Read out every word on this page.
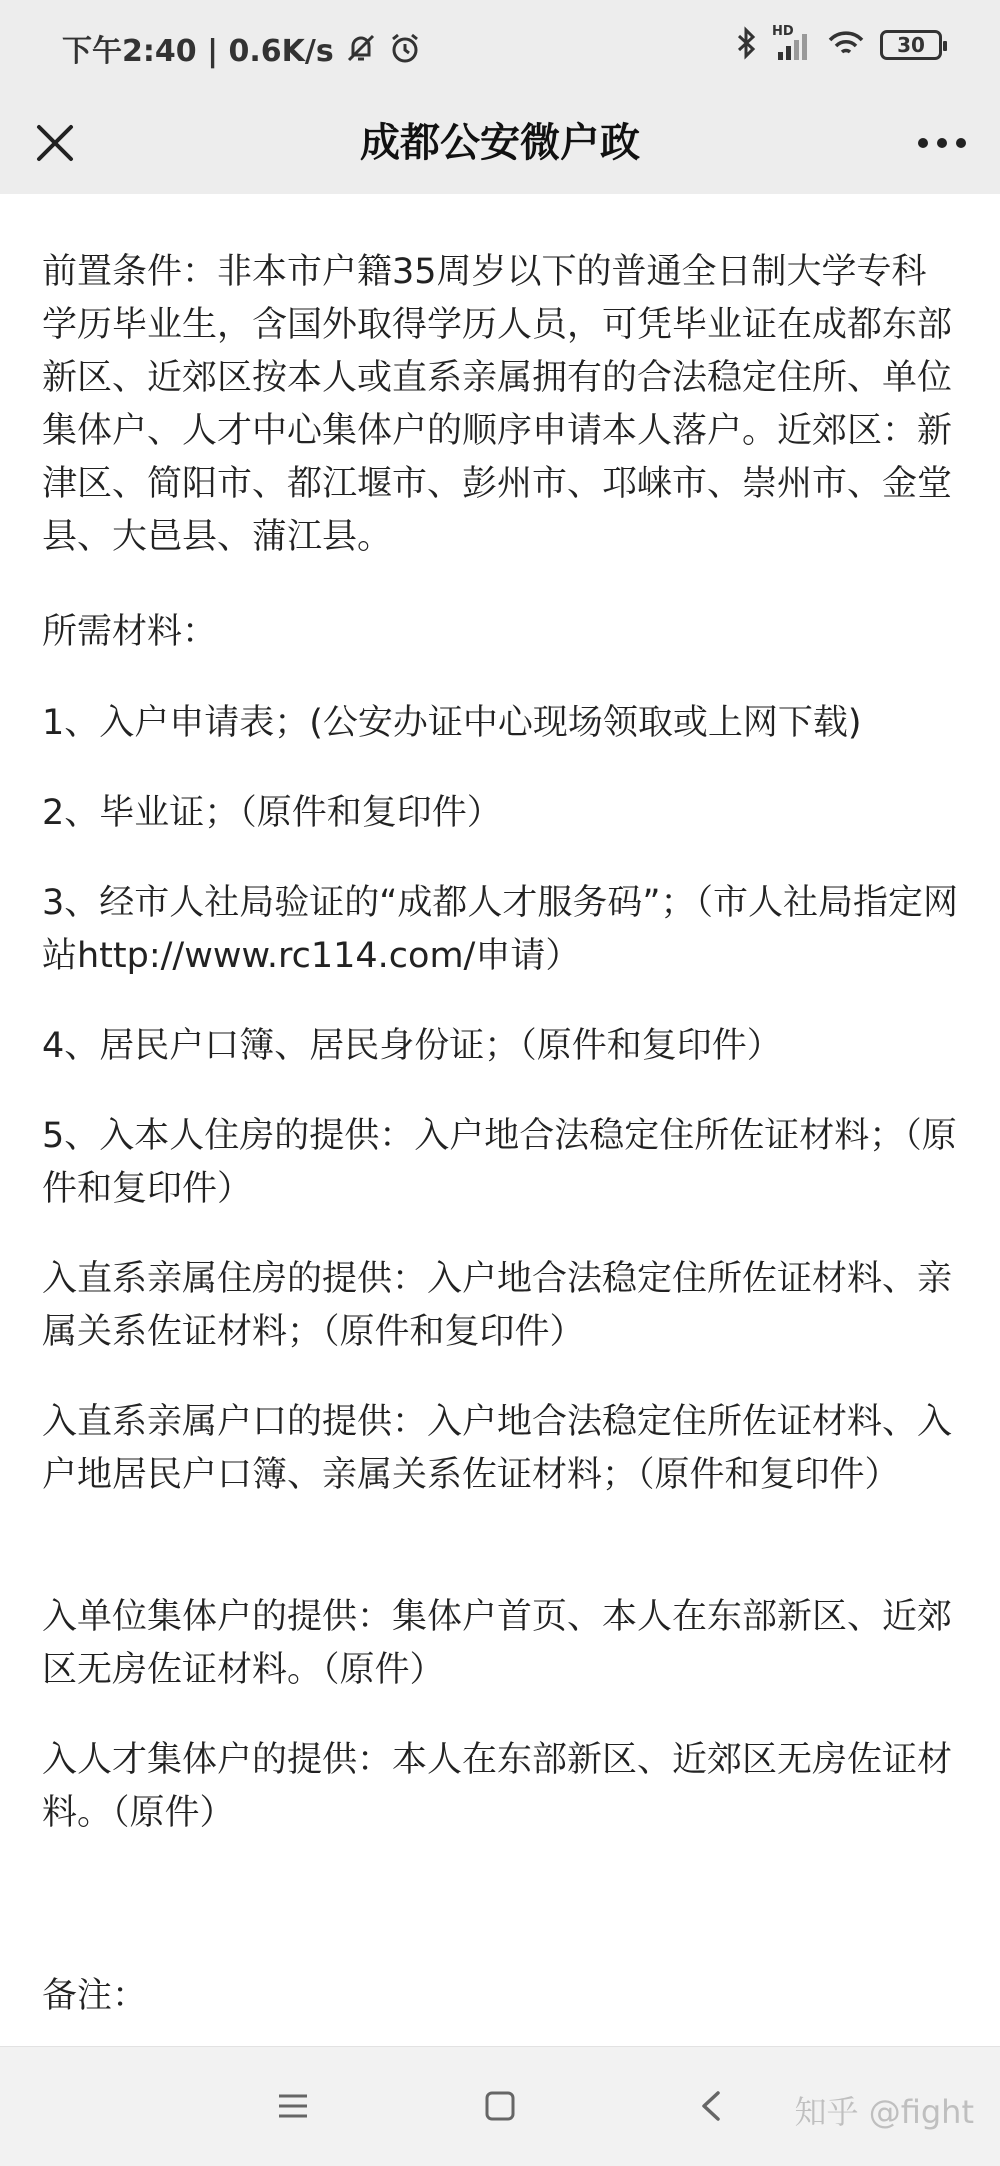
下午2:40 | 0.6K/s
HD
30
成都公安微户政
前置条件：非本市户籍35周岁以下的普通全日制大学专科学历毕业生，含国外取得学历人员，可凭毕业证在成都东部新区、近郊区按本人或直系亲属拥有的合法稳定住所、单位集体户、人才中心集体户的顺序申请本人落户。近郊区：新津区、简阳市、都江堰市、彭州市、邛崃市、崇州市、金堂县、大邑县、蒲江县。
所需材料：
1、入户申请表；(公安办证中心现场领取或上网下载)
2、毕业证；（原件和复印件）
3、经市人社局验证的“成都人才服务码”；（市人社局指定网站http://www.rc114.com/申请）
4、居民户口簿、居民身份证；（原件和复印件）
5、入本人住房的提供：入户地合法稳定住所佐证材料；（原件和复印件）
入直系亲属住房的提供：入户地合法稳定住所佐证材料、亲属关系佐证材料；（原件和复印件）
入直系亲属户口的提供：入户地合法稳定住所佐证材料、入户地居民户口簿、亲属关系佐证材料；（原件和复印件）
入单位集体户的提供：集体户首页、本人在东部新区、近郊区无房佐证材料。（原件）
入人才集体户的提供：本人在东部新区、近郊区无房佐证材料。（原件）
备注：
知乎 @fight
